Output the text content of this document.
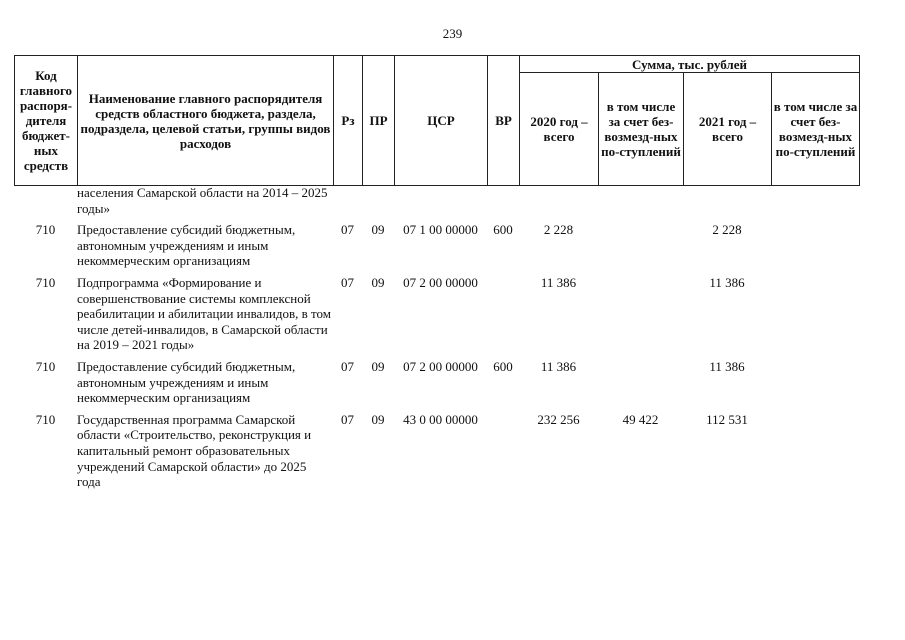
239
Код главного распоря-дителя бюджет-ных средств	Наименование главного распорядителя средств областного бюджета, раздела, подраздела, целевой статьи, группы видов расходов	Рз	ПР	ЦСР	ВР	Сумма, тыс. рублей			
						2020 год – всего	в том числе за счет без-возмезд-ных по-ступлений	2021 год – всего	в том числе за счет без-возмезд-ных по-ступлений
	населения Самарской области на 2014 – 2025 годы»								
710	Предоставление субсидий бюджетным, автономным учреждениям и иным некоммерческим организациям	07	09	07 1 00 00000	600	2 228		2 228	
710	Подпрограмма «Формирование и совершенствование системы комплексной реабилитации и абилитации инвалидов, в том числе детей-инвалидов, в Самарской области на 2019 – 2021 годы»	07	09	07 2 00 00000		11 386		11 386	
710	Предоставление субсидий бюджетным, автономным учреждениям и иным некоммерческим организациям	07	09	07 2 00 00000	600	11 386		11 386	
710	Государственная программа Самарской области «Строительство, реконструкция и капитальный ремонт образовательных учреждений Самарской области» до 2025 года	07	09	43 0 00 00000		232 256	49 422	112 531	
